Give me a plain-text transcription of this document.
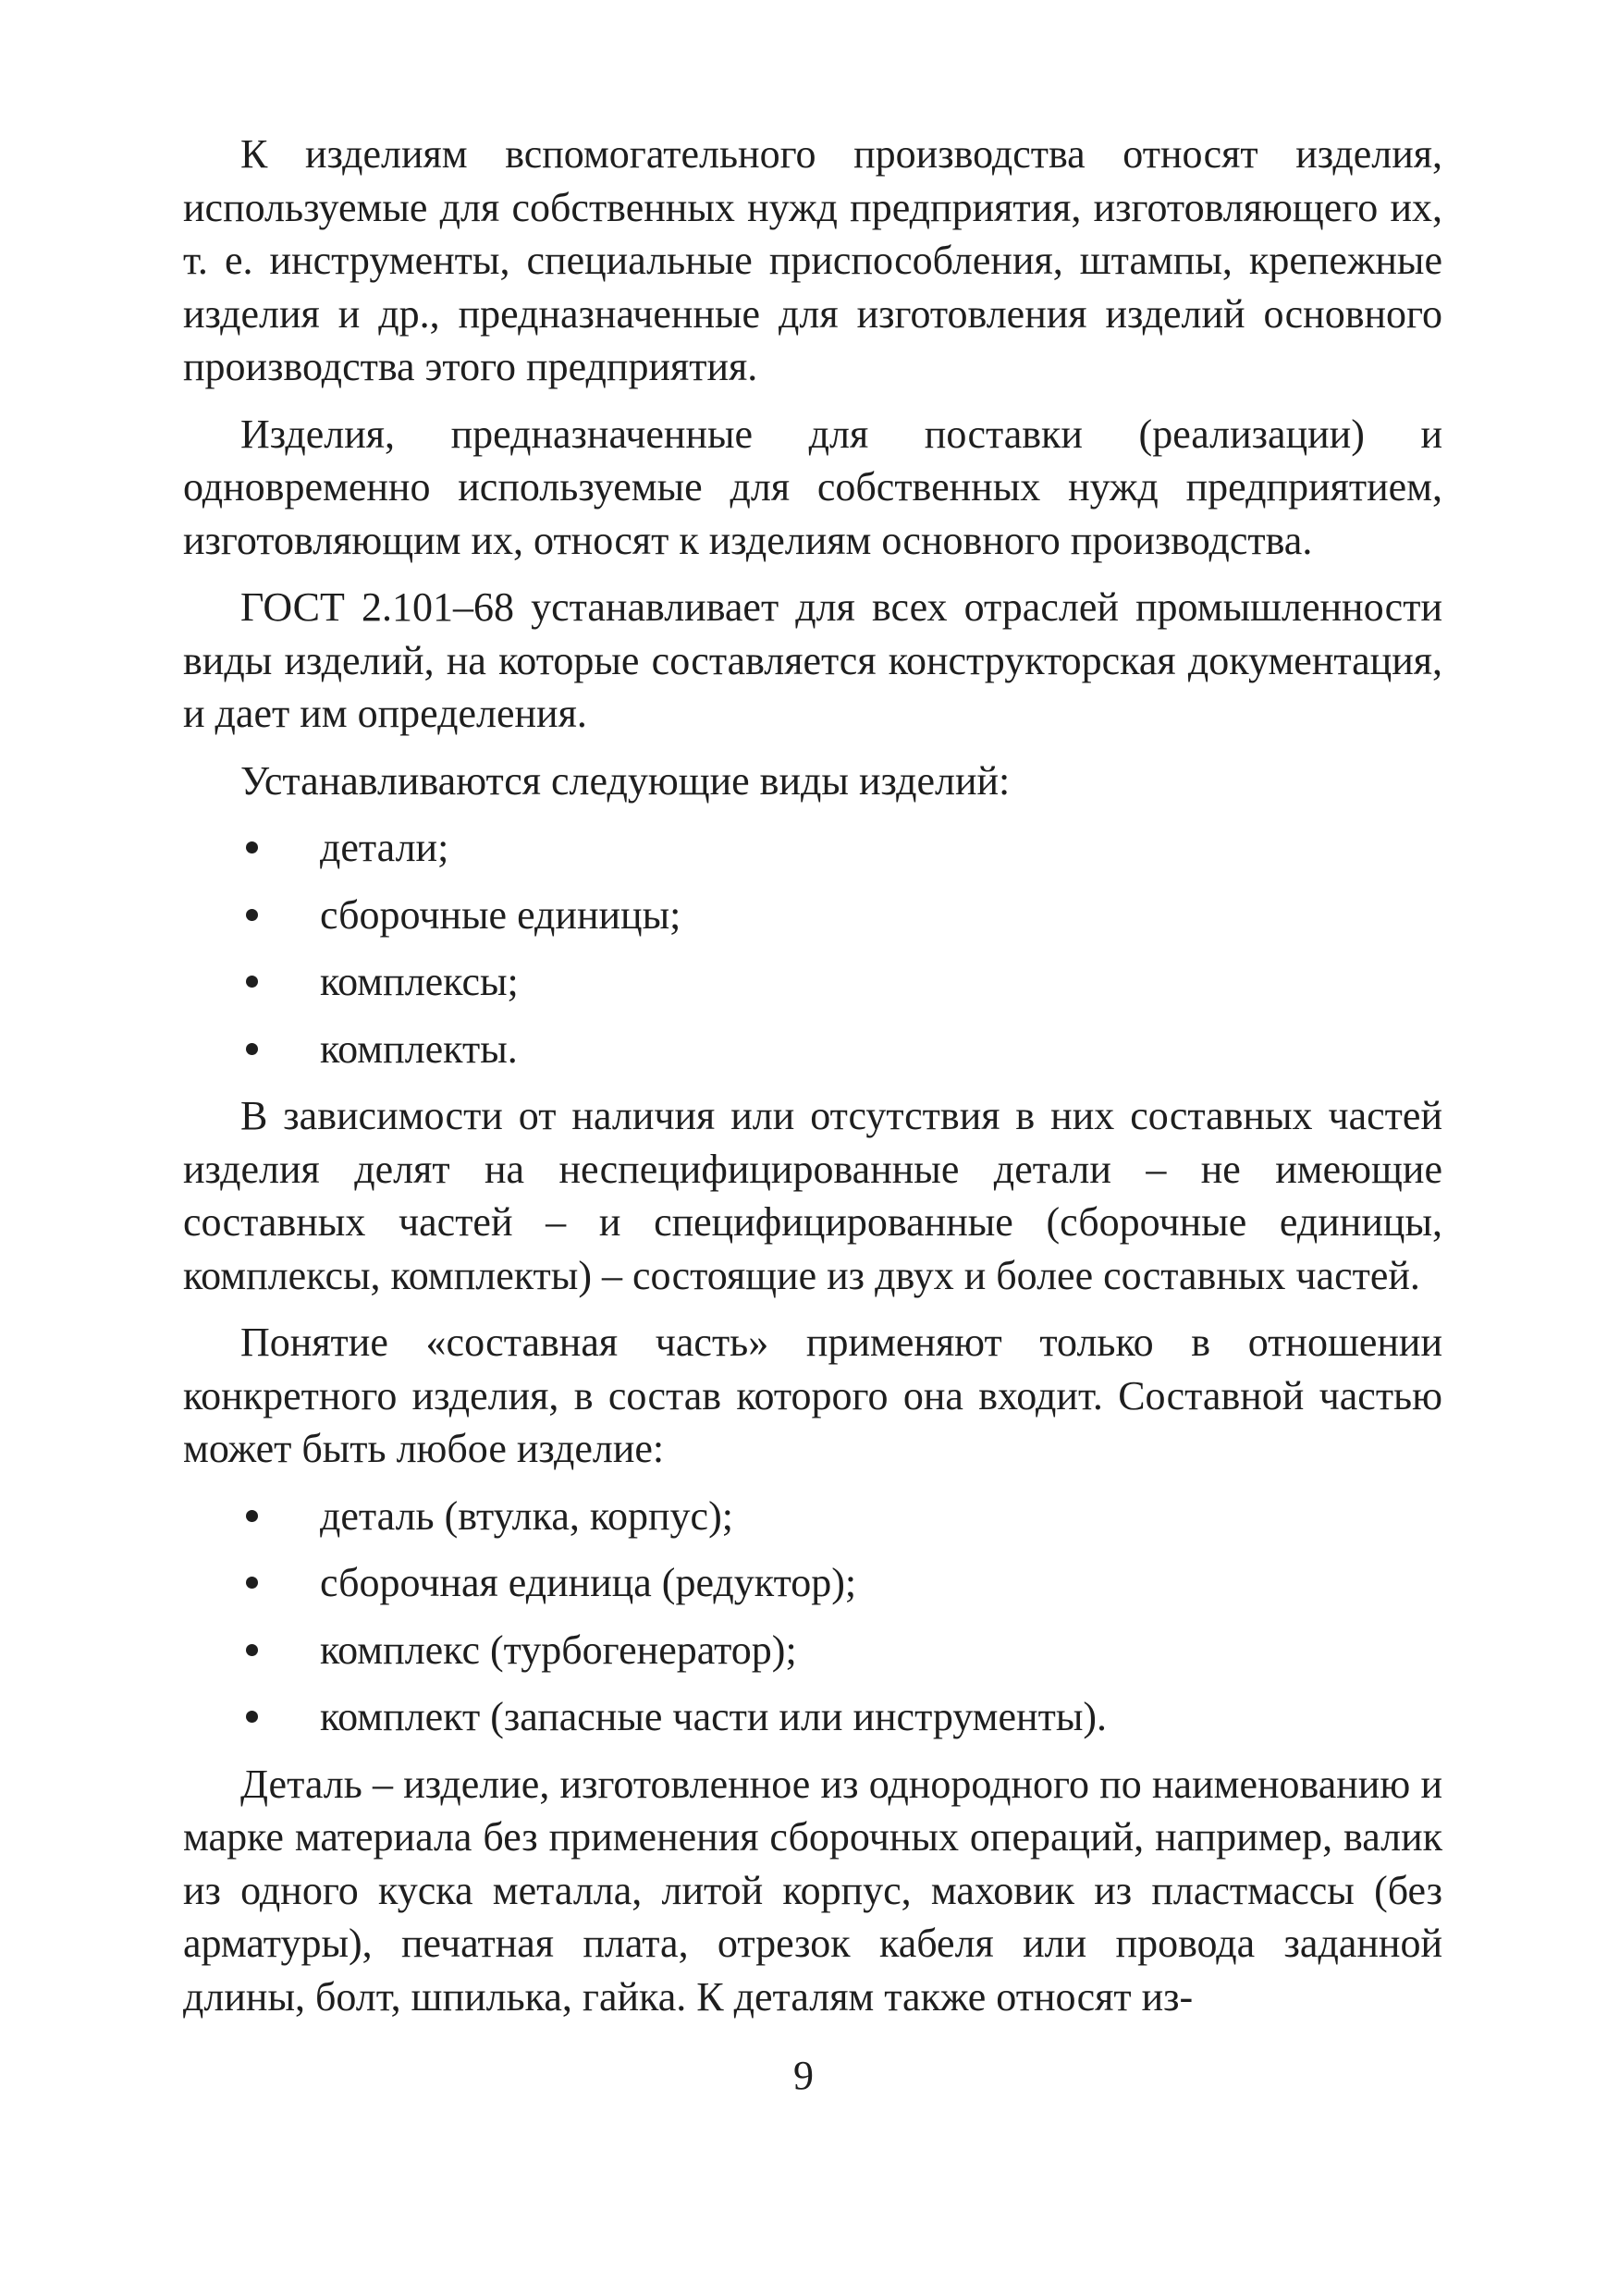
К изделиям вспомогательного производства относят изделия, используемые для собственных нужд предприятия, изготовляющего их, т. е. инструменты, специальные приспособления, штампы, крепежные изделия и др., предназначенные для изготовления изделий основного производства этого предприятия.

Изделия, предназначенные для поставки (реализации) и одновременно используемые для собственных нужд предприятием, изготовляющим их, относят к изделиям основного производства.

ГОСТ 2.101–68 устанавливает для всех отраслей промышленности виды изделий, на которые составляется конструкторская документация, и дает им определения.

Устанавливаются следующие виды изделий:

детали;
сборочные единицы;
комплексы;
комплекты.

В зависимости от наличия или отсутствия в них составных частей изделия делят на неспецифицированные детали – не имеющие составных частей – и специфицированные (сборочные единицы, комплексы, комплекты) – состоящие из двух и более составных частей.

Понятие «составная часть» применяют только в отношении конкретного изделия, в состав которого она входит. Составной частью может быть любое изделие:

деталь (втулка, корпус);
сборочная единица (редуктор);
комплекс (турбогенератор);
комплект (запасные части или инструменты).

Деталь – изделие, изготовленное из однородного по наименованию и марке материала без применения сборочных операций, например, валик из одного куска металла, литой корпус, маховик из пластмассы (без арматуры), печатная плата, отрезок кабеля или провода заданной длины, болт, шпилька, гайка. К деталям также относят из-

9
